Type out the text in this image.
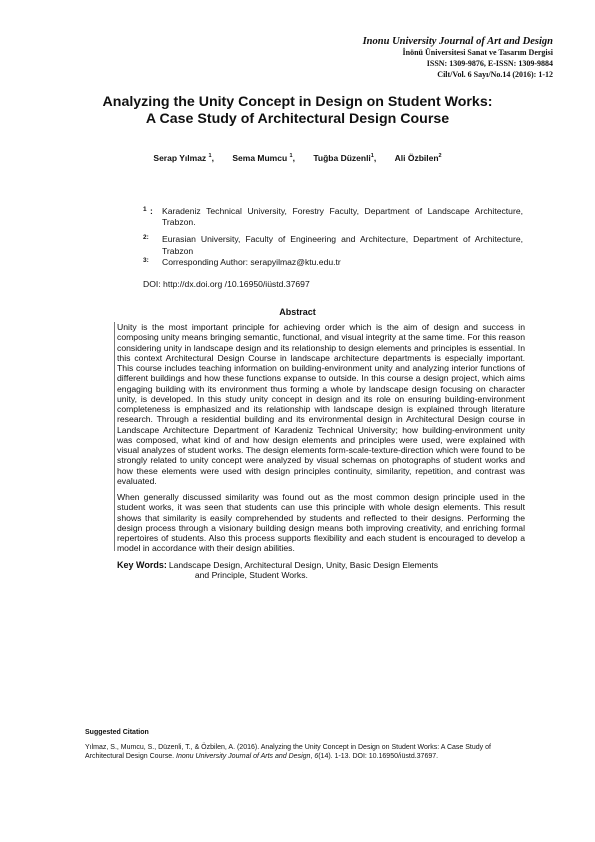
Inonu University Journal of Art and Design
İnönü Üniversitesi Sanat ve Tasarım Dergisi
ISSN: 1309-9876, E-ISSN: 1309-9884
Cilt/Vol. 6 Sayı/No.14 (2016): 1-12
Analyzing the Unity Concept in Design on Student Works: A Case Study of Architectural Design Course
Serap Yılmaz $^1$, Sema Mumcu $^1$, Tuğba Düzenli$^1$, Ali Özbilen$^2$
1 : Karadeniz Technical University, Forestry Faculty, Department of Landscape Architecture, Trabzon.
2: Eurasian University, Faculty of Engineering and Architecture, Department of Architecture, Trabzon
3: Corresponding Author: serapyilmaz@ktu.edu.tr
DOI: http://dx.doi.org /10.16950/iüstd.37697
Abstract

Unity is the most important principle for achieving order which is the aim of design and success in composing unity means bringing semantic, functional, and visual integrity at the same time. For this reason considering unity in landscape design and its relationship to design elements and principles is essential. In this context Architectural Design Course in landscape architecture departments is especially important. This course includes teaching information on building-environment unity and analyzing interior functions of different buildings and how these functions expanse to outside. In this course a design project, which aims engaging building with its environment thus forming a whole by landscape design focusing on character unity, is developed. In this study unity concept in design and its role on ensuring building-environment completeness is emphasized and its relationship with landscape design is explained through literature research. Through a residential building and its environmental design in Architectural Design course in Landscape Architecture Department of Karadeniz Technical University; how building-environment unity was composed, what kind of and how design elements and principles were used, were explained with visual analyzes of student works. The design elements form-scale-texture-direction which were found to be strongly related to unity concept were analyzed by visual schemas on photographs of student works and how these elements were used with design principles continuity, similarity, repetition, and contrast was evaluated.

When generally discussed similarity was found out as the most common design principle used in the student works, it was seen that students can use this principle with whole design elements. This result shows that similarity is easily comprehended by students and reflected to their designs. Performing the design process through a visionary building design means both improving creativity, and enriching formal repertoires of students. Also this process supports flexibility and each student is encouraged to develop a model in accordance with their design abilities.

Key Words: Landscape Design, Architectural Design, Unity, Basic Design Elements
and Principle, Student Works.
Suggested Citation
Yılmaz, S., Mumcu, S., Düzenli, T., & Özbilen, A. (2016). Analyzing the Unity Concept in Design on Student Works: A Case Study of Architectural Design Course. Inonu University Journal of Arts and Design, 6(14). 1-13. DOI: 10.16950/iüstd.37697.
